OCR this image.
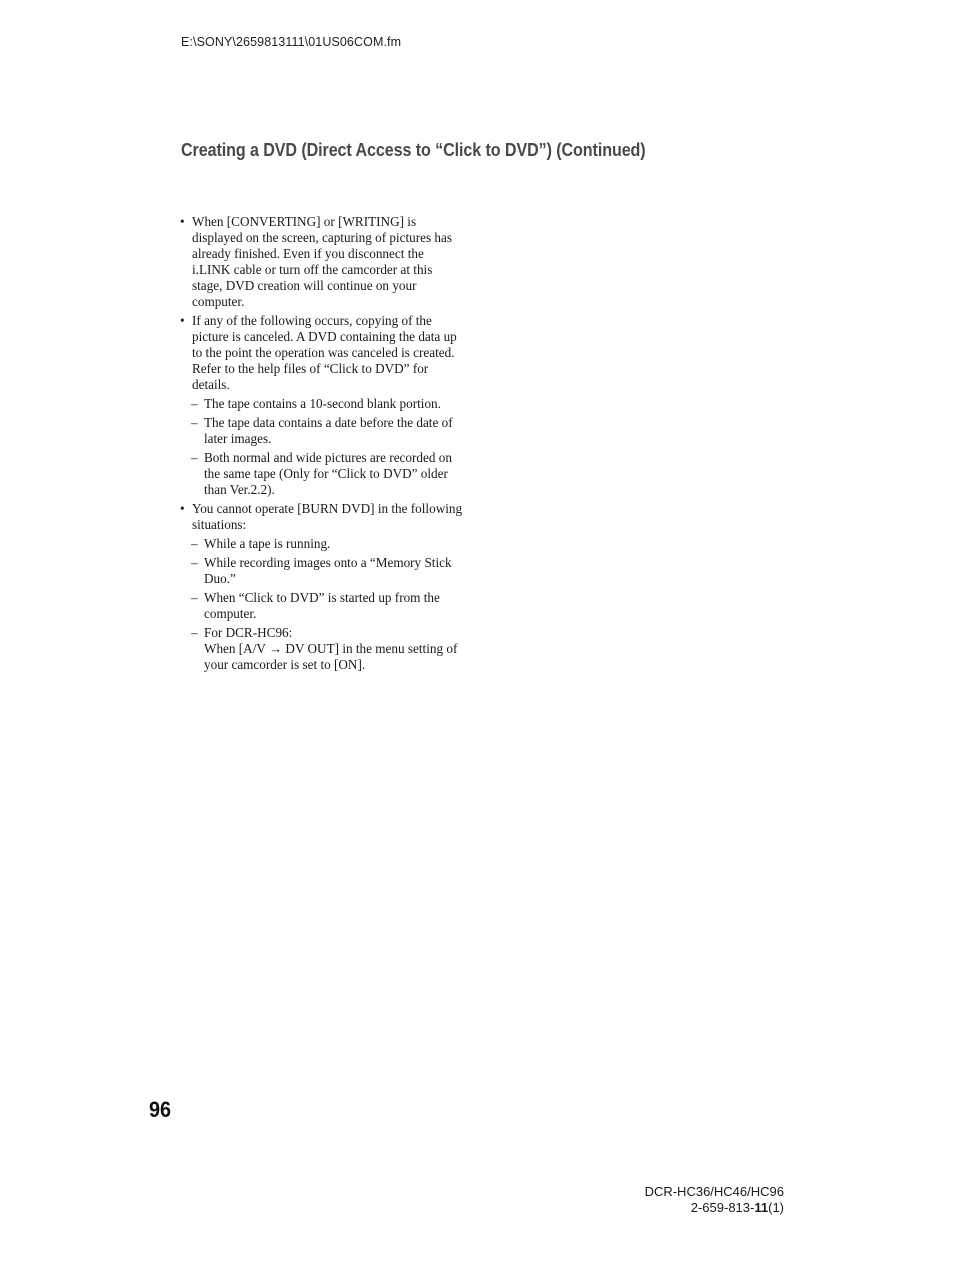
E:\SONY\2659813111\01US06COM.fm
Creating a DVD (Direct Access to “Click to DVD”) (Continued)
• When [CONVERTING] or [WRITING] is displayed on the screen, capturing of pictures has already finished. Even if you disconnect the i.LINK cable or turn off the camcorder at this stage, DVD creation will continue on your computer.
• If any of the following occurs, copying of the picture is canceled. A DVD containing the data up to the point the operation was canceled is created. Refer to the help files of “Click to DVD” for details.
– The tape contains a 10-second blank portion.
– The tape data contains a date before the date of later images.
– Both normal and wide pictures are recorded on the same tape (Only for “Click to DVD” older than Ver.2.2).
• You cannot operate [BURN DVD] in the following situations:
– While a tape is running.
– While recording images onto a “Memory Stick Duo.”
– When “Click to DVD” is started up from the computer.
– For DCR-HC96:
When [A/V → DV OUT] in the menu setting of your camcorder is set to [ON].
96
DCR-HC36/HC46/HC96
2-659-813-11(1)
